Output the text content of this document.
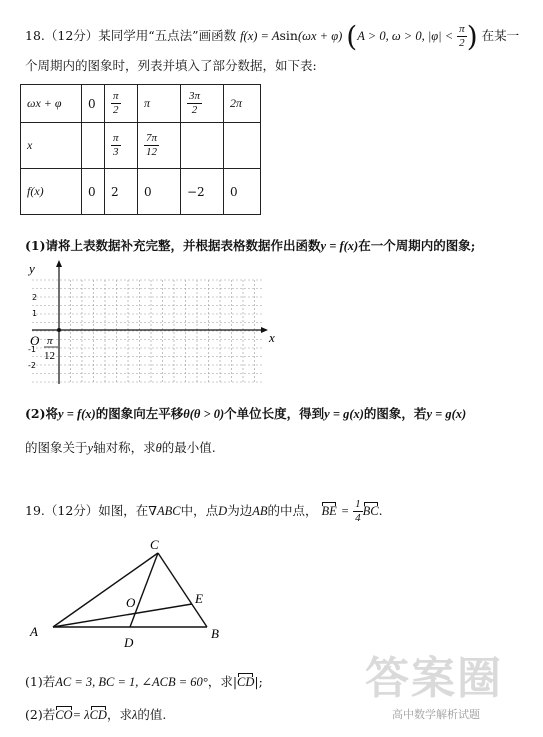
18.（12分）某同学用“五点法”画函数 f(x) = Asin(ωx + φ) (A > 0, ω > 0, $|\varphi| < \frac{\pi}{2}$ ) 在某一
个周期内的图象时，列表并填入了部分数据，如下表:
ωx + φ	0	$\frac{\pi}{2}$	π	$\frac{3\pi}{2}$	2π
x		$\frac{\pi}{3}$	$\frac{7\pi}{12}$

f(x)	0	2	0	−2	0
(1)请将上表数据补充完整，并根据表格数据作出函数y = f(x)在一个周期内的图象;
y
x
O
2
1
-1
-2
π
12
(2)将y = f(x)的图象向左平移θ(θ > 0)个单位长度，得到y = g(x)的图象，若y = g(x)
的图象关于y轴对称，求θ的最小值.
19.（12分）如图，在∇ABC中，点D为边AB的中点， BE = $\frac{1}{4}$ BC.
A	B
C
D
E
O
(1)若AC = 3, BC = 1, ∠ACB = 60°，求|CD|;
(2)若CO= λCD，求λ的值.
答案圈
高中数学解析试题
